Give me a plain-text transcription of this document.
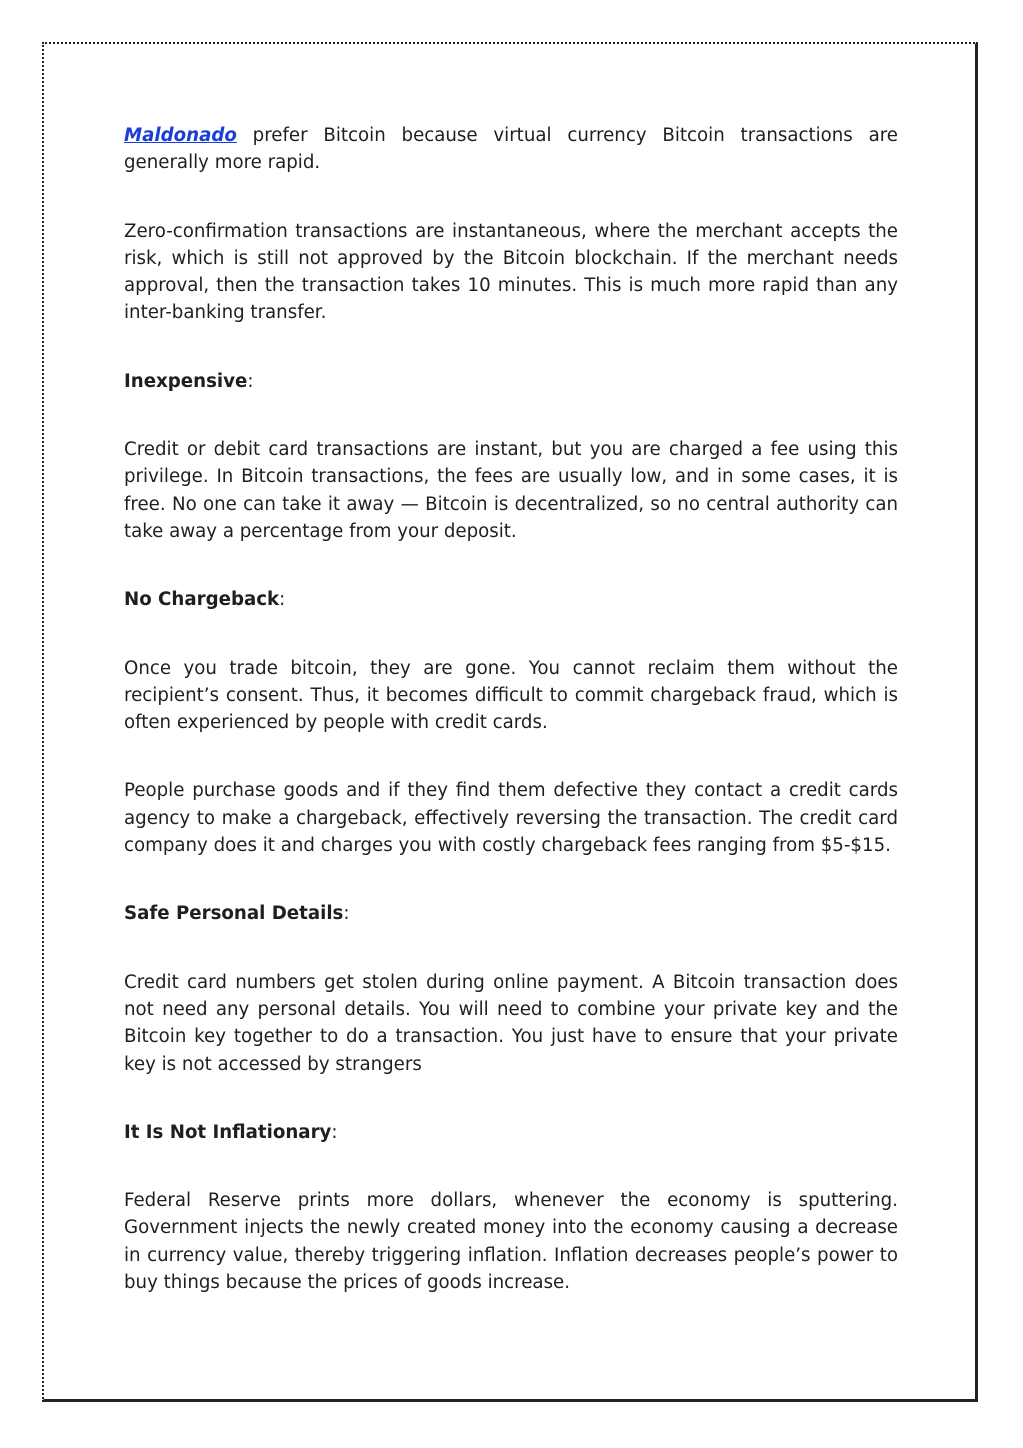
Maldonado prefer Bitcoin because virtual currency Bitcoin transactions are generally more rapid.

Zero-confirmation transactions are instantaneous, where the merchant accepts the risk, which is still not approved by the Bitcoin blockchain. If the merchant needs approval, then the transaction takes 10 minutes. This is much more rapid than any inter-banking transfer.

Inexpensive:

Credit or debit card transactions are instant, but you are charged a fee using this privilege. In Bitcoin transactions, the fees are usually low, and in some cases, it is free. No one can take it away — Bitcoin is decentralized, so no central authority can take away a percentage from your deposit.

No Chargeback:

Once you trade bitcoin, they are gone. You cannot reclaim them without the recipient’s consent. Thus, it becomes difficult to commit chargeback fraud, which is often experienced by people with credit cards.

People purchase goods and if they find them defective they contact a credit cards agency to make a chargeback, effectively reversing the transaction. The credit card company does it and charges you with costly chargeback fees ranging from $5-$15.

Safe Personal Details:

Credit card numbers get stolen during online payment. A Bitcoin transaction does not need any personal details. You will need to combine your private key and the Bitcoin key together to do a transaction. You just have to ensure that your private key is not accessed by strangers

It Is Not Inflationary:

Federal Reserve prints more dollars, whenever the economy is sputtering. Government injects the newly created money into the economy causing a decrease in currency value, thereby triggering inflation. Inflation decreases people’s power to buy things because the prices of goods increase.
